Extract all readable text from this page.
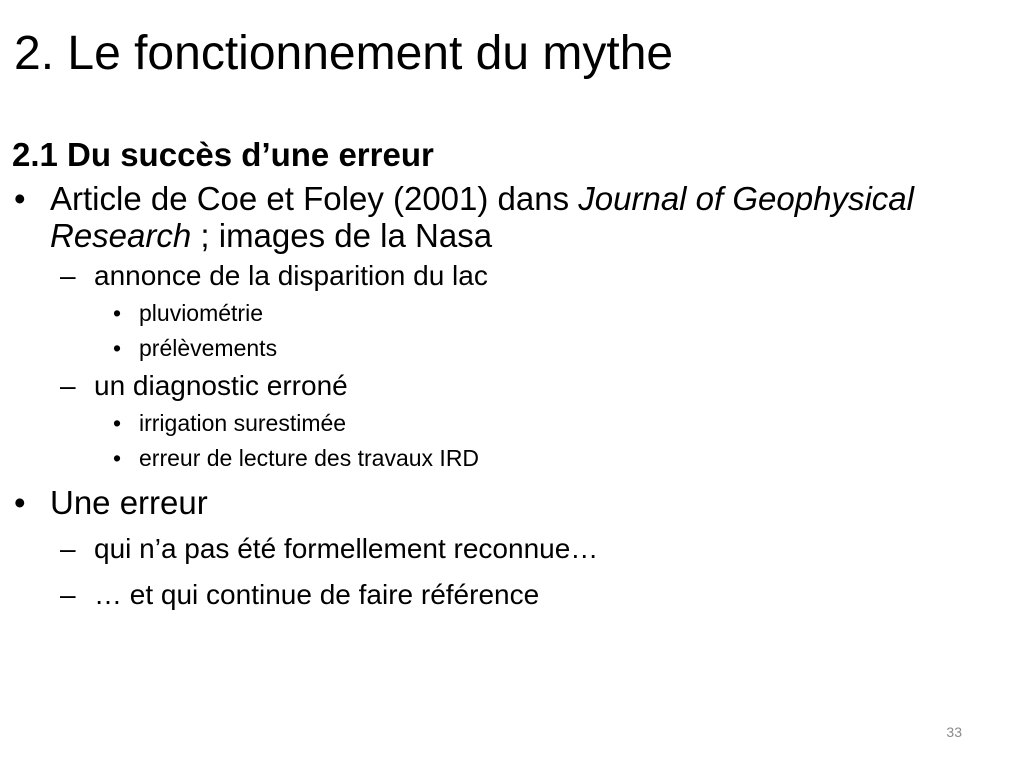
2. Le fonctionnement du mythe
2.1 Du succès d’une erreur
• Article de Coe et Foley (2001) dans Journal of Geophysical Research ; images de la Nasa
– annonce de la disparition du lac
• pluviométrie
• prélèvements
– un diagnostic erroné
• irrigation surestimée
• erreur de lecture des travaux IRD
• Une erreur
– qui n’a pas été formellement reconnue…
– … et qui continue de faire référence
33
